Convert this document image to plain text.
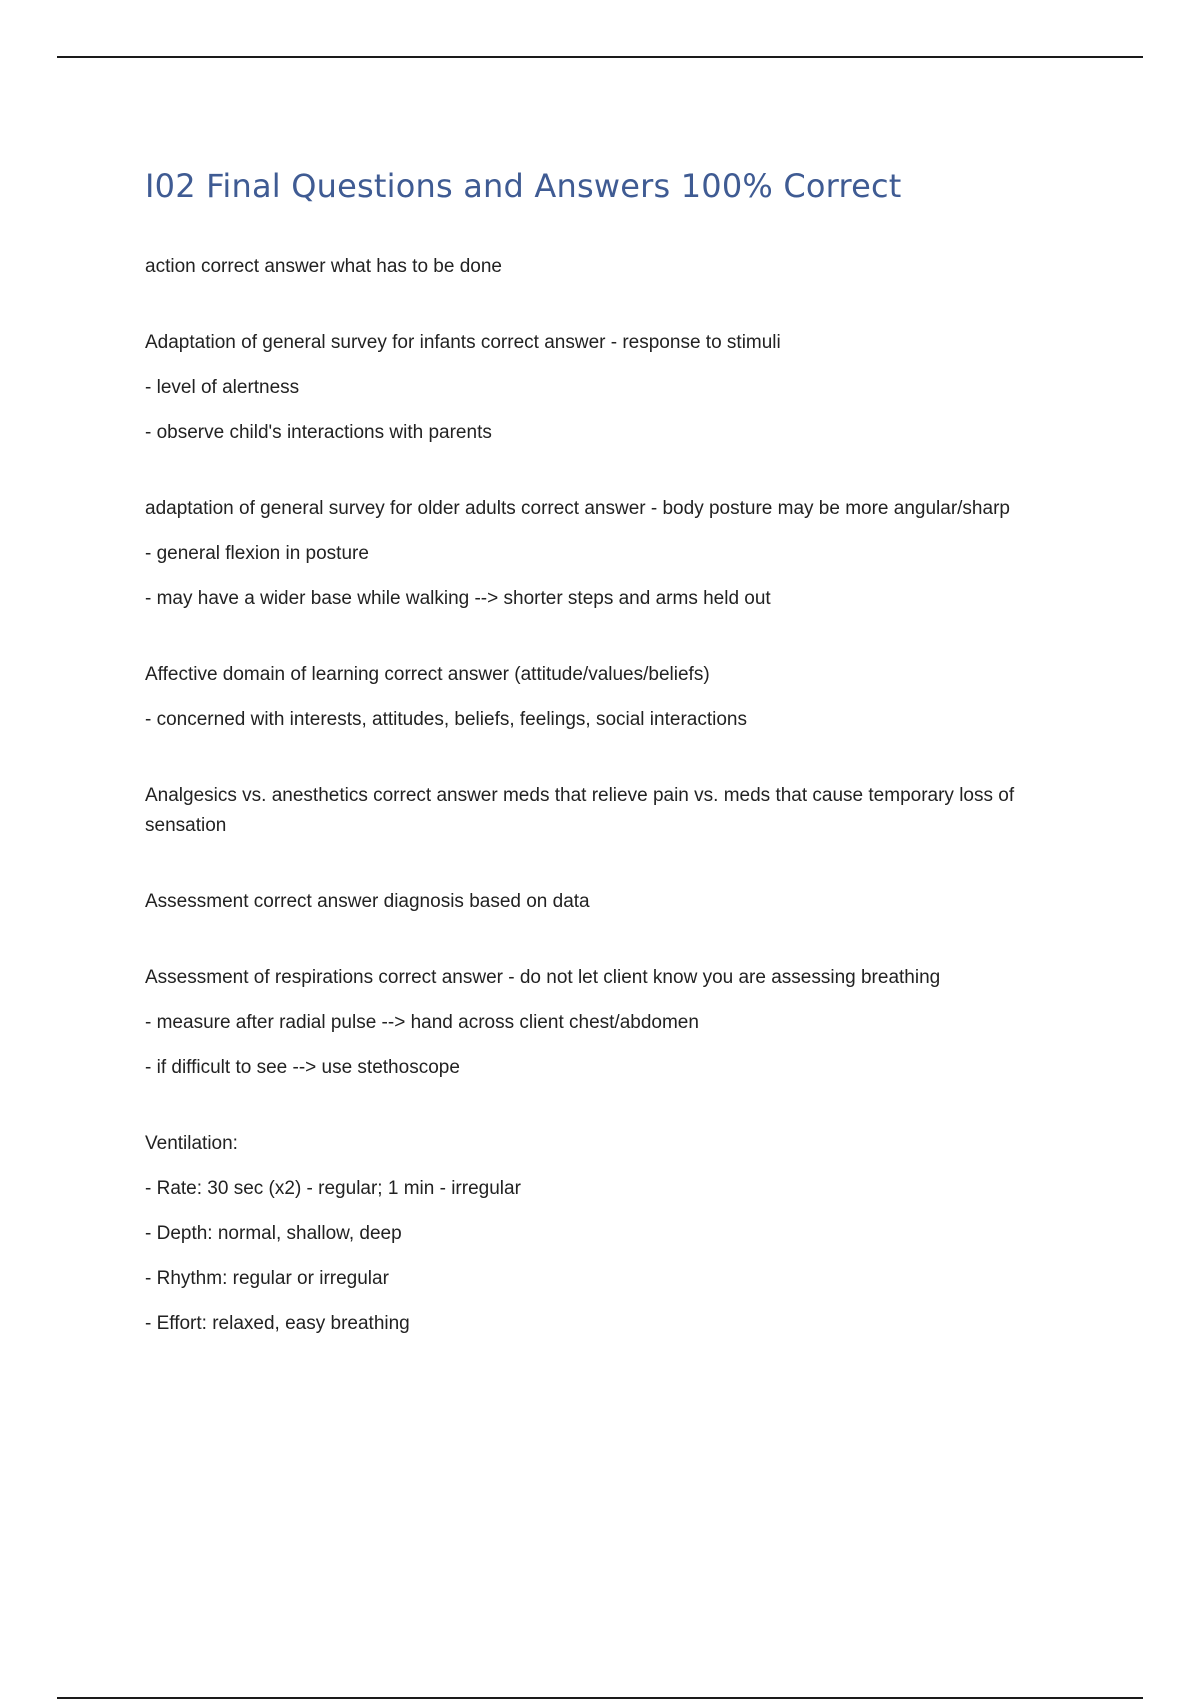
I02 Final Questions and Answers 100% Correct

action correct answer what has to be done

Adaptation of general survey for infants correct answer - response to stimuli

- level of alertness

- observe child's interactions with parents

adaptation of general survey for older adults correct answer - body posture may be more angular/sharp

- general flexion in posture

- may have a wider base while walking --> shorter steps and arms held out

Affective domain of learning correct answer (attitude/values/beliefs)

- concerned with interests, attitudes, beliefs, feelings, social interactions

Analgesics vs. anesthetics correct answer meds that relieve pain vs. meds that cause temporary loss of sensation

Assessment correct answer diagnosis based on data

Assessment of respirations correct answer - do not let client know you are assessing breathing

- measure after radial pulse --> hand across client chest/abdomen

- if difficult to see --> use stethoscope

Ventilation:

- Rate: 30 sec (x2) - regular; 1 min - irregular

- Depth: normal, shallow, deep

- Rhythm: regular or irregular

- Effort: relaxed, easy breathing
